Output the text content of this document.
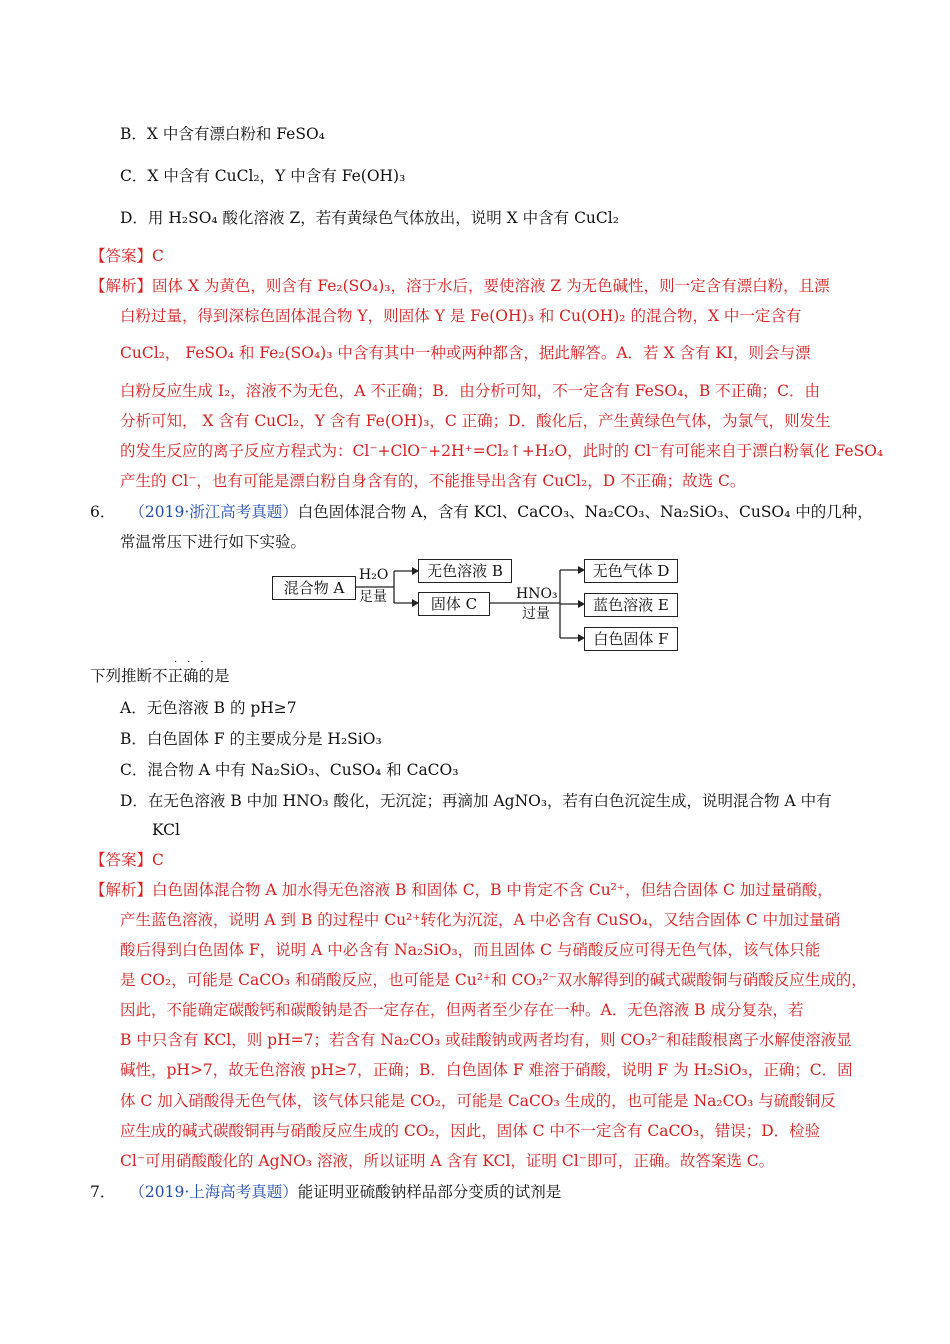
B．X 中含有漂白粉和 FeSO₄
C．X 中含有 CuCl₂，Y 中含有 Fe(OH)₃
D．用 H₂SO₄ 酸化溶液 Z，若有黄绿色气体放出，说明 X 中含有 CuCl₂
【答案】C
【解析】固体 X 为黄色，则含有 Fe₂(SO₄)₃，溶于水后，要使溶液 Z 为无色碱性，则一定含有漂白粉，且漂
白粉过量，得到深棕色固体混合物 Y，则固体 Y 是 Fe(OH)₃ 和 Cu(OH)₂ 的混合物，X 中一定含有
CuCl₂， FeSO₄ 和 Fe₂(SO₄)₃ 中含有其中一种或两种都含，据此解答。A．若 X 含有 KI，则会与漂
白粉反应生成 I₂，溶液不为无色，A 不正确；B．由分析可知，不一定含有 FeSO₄，B 不正确；C．由
分析可知， X 含有 CuCl₂，Y 含有 Fe(OH)₃，C 正确；D．酸化后，产生黄绿色气体，为氯气，则发生
的发生反应的离子反应方程式为：Cl⁻+ClO⁻+2H⁺=Cl₂↑+H₂O，此时的 Cl⁻有可能来自于漂白粉氧化 FeSO₄
产生的 Cl⁻，也有可能是漂白粉自身含有的，不能推导出含有 CuCl₂，D 不正确；故选 C。
6． （2019·浙江高考真题）白色固体混合物 A，含有 KCl、CaCO₃、Na₂CO₃、Na₂SiO₃、CuSO₄ 中的几种，
常温常压下进行如下实验。
混合物 A
H₂O
足量
无色溶液 B
固体 C
HNO₃
过量
无色气体 D
蓝色溶液 E
白色固体 F
···
下列推断不正确的是
A．无色溶液 B 的 pH≥7
B．白色固体 F 的主要成分是 H₂SiO₃
C．混合物 A 中有 Na₂SiO₃、CuSO₄ 和 CaCO₃
D．在无色溶液 B 中加 HNO₃ 酸化，无沉淀；再滴加 AgNO₃，若有白色沉淀生成，说明混合物 A 中有
KCl
【答案】C
【解析】白色固体混合物 A 加水得无色溶液 B 和固体 C，B 中肯定不含 Cu²⁺，但结合固体 C 加过量硝酸，
产生蓝色溶液，说明 A 到 B 的过程中 Cu²⁺转化为沉淀，A 中必含有 CuSO₄，又结合固体 C 中加过量硝
酸后得到白色固体 F，说明 A 中必含有 Na₂SiO₃，而且固体 C 与硝酸反应可得无色气体，该气体只能
是 CO₂，可能是 CaCO₃ 和硝酸反应，也可能是 Cu²⁺和 CO₃²⁻双水解得到的碱式碳酸铜与硝酸反应生成的，
因此，不能确定碳酸钙和碳酸钠是否一定存在，但两者至少存在一种。A．无色溶液 B 成分复杂，若
B 中只含有 KCl，则 pH=7；若含有 Na₂CO₃ 或硅酸钠或两者均有，则 CO₃²⁻和硅酸根离子水解使溶液显
碱性，pH>7，故无色溶液 pH≥7，正确；B．白色固体 F 难溶于硝酸，说明 F 为 H₂SiO₃，正确；C．固
体 C 加入硝酸得无色气体，该气体只能是 CO₂，可能是 CaCO₃ 生成的，也可能是 Na₂CO₃ 与硫酸铜反
应生成的碱式碳酸铜再与硝酸反应生成的 CO₂，因此，固体 C 中不一定含有 CaCO₃，错误；D．检验
Cl⁻可用硝酸酸化的 AgNO₃ 溶液，所以证明 A 含有 KCl，证明 Cl⁻即可，正确。故答案选 C。
7． （2019·上海高考真题）能证明亚硫酸钠样品部分变质的试剂是
